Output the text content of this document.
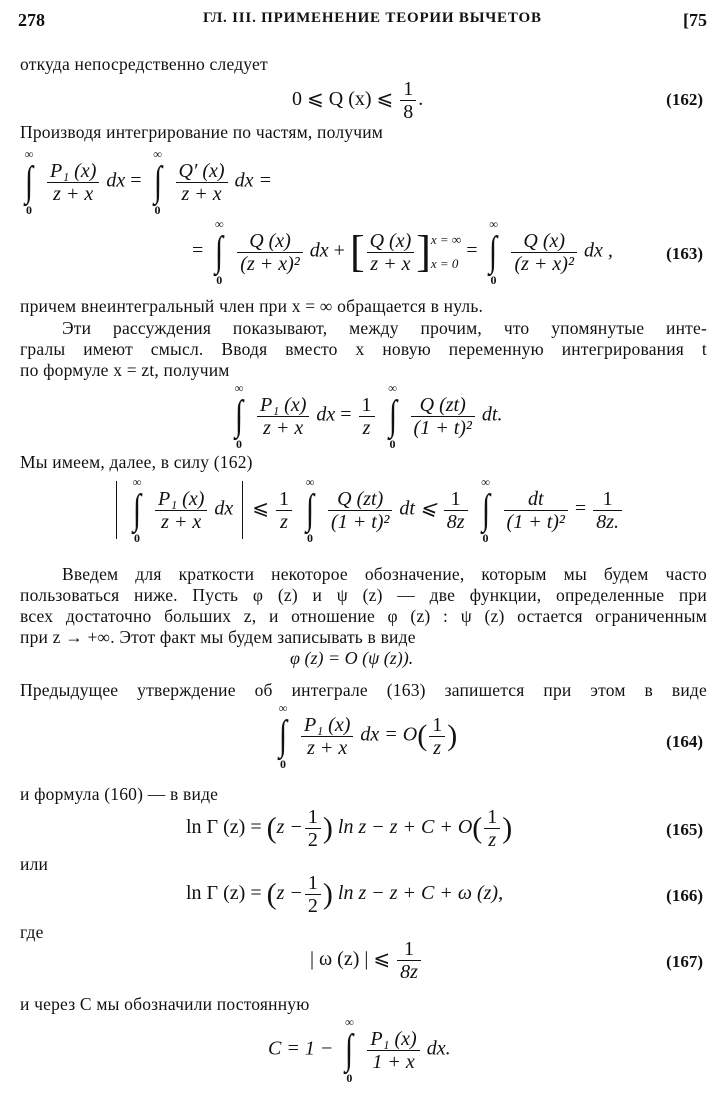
278	ГЛ. III. ПРИМЕНЕНИЕ ТЕОРИИ ВЫЧЕТОВ	[75
откуда непосредственно следует
0 ⩽ Q (x) ⩽ $\frac{1}{8}$ .	(162)
Производя интегрирование по частям, получим
∞
∫
0

$\frac{\text{P₁ (x)}}{z + x}$ dx =
∞
∫
0

$\frac{Q' (x)}{z + x}$ dx =
=
∞
∫
0

$\frac{Q (x)}{\text{(z + x)²}}$ dx + [ $\frac{Q (x)}{z + x}$ ] x = ∞
x = 0
=
∞
∫
0

$\frac{Q (x)}{\text{(z + x)²}}$ dx ,	(163)
причем внеинтегральный член при x = ∞ обращается в нуль.
Эти рассуждения показывают, между прочим, что упомянутые инте-
гралы имеют смысл. Вводя вместо x новую переменную интегрирования t
по формуле x = zt, получим
∞
∫
0

$\frac{\text{P₁ (x)}}{z + x}$ dx = $\frac{1}{z}$

∞
∫
0

$\frac{Q (zt)}{\text{(1 + t)²}}$ dt.
Мы имеем, далее, в силу (162)

∞
∫
0

$\frac{\text{P₁ (x)}}{z + x}$ dx ⩽ $\frac{1}{z}$

∞
∫
0

$\frac{Q (zt)}{\text{(1 + t)²}}$ dt ⩽ $\frac{1}{8z}$

∞
∫
0

$\frac{dt}{\text{(1 + t)²}} = \frac{1}{8z.}$
Введем для краткости некоторое обозначение, которым мы будем часто
пользоваться ниже. Пусть φ (z) и ψ (z) — две функции, определенные при
всех достаточно больших z, и отношение φ (z) : ψ (z) остается ограниченным
при z → +∞. Этот факт мы будем записывать в виде
φ (z) = O (ψ (z)).
Предыдущее утверждение об интеграле (163) запишется при этом в виде
∞
∫
0

$\frac{\text{P₁ (x)}}{z + x}$ dx = $O( \frac{1}{z}$ )	(164)
и формула (160) — в виде
ln Γ $(z) = (z - \frac{1}{2}$ ) $\ln z - z + C + O( \frac{1}{z}$ )	(165)
или
ln Γ $(z) = (z - \frac{1}{2}$ ) ln z − z + C + ω (z),	(166)
где
| ω (z) | ⩽ $\frac{1}{8z}$	(167)
и через C мы обозначили постоянную
C = 1 −
∞
∫
0

$\frac{\text{P₁ (x)}}{1 + x}$ dx.
